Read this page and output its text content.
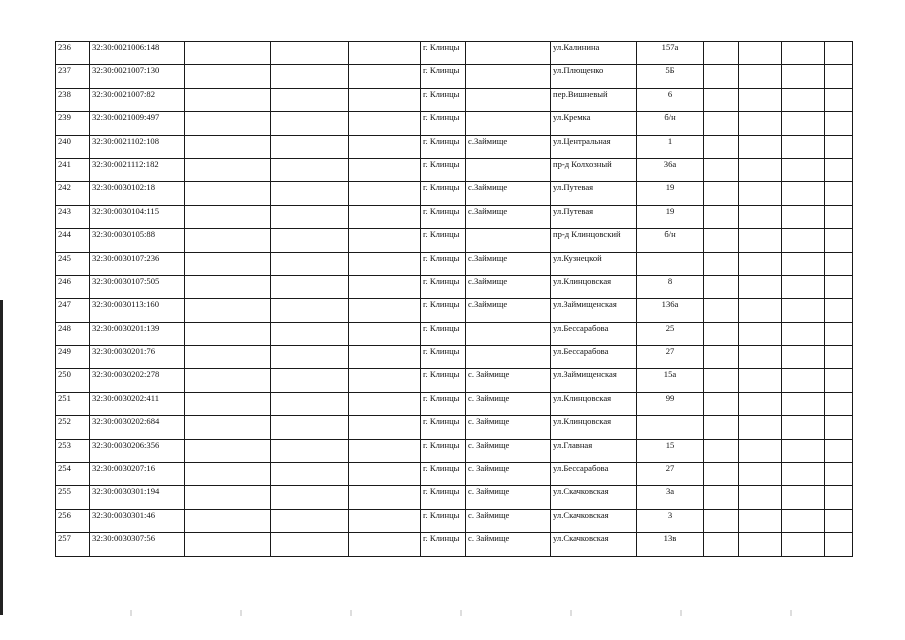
236	32:30:0021006:148				г. Клинцы		ул.Калинина	157а				
237	32:30:0021007:130				г. Клинцы		ул.Плющенко	5Б				
238	32:30:0021007:82				г. Клинцы		пер.Вишневый	6				
239	32:30:0021009:497				г. Клинцы		ул.Кремка	б/н				
240	32:30:0021102:108				г. Клинцы	с.Займище	ул.Центральная	1				
241	32:30:0021112:182				г. Клинцы		пр-д Колхозный	36а				
242	32:30:0030102:18				г. Клинцы	с.Займище	ул.Путевая	19				
243	32:30:0030104:115				г. Клинцы	с.Займище	ул.Путевая	19				
244	32:30:0030105:88				г. Клинцы		пр-д Клинцовский	б/н				
245	32:30:0030107:236				г. Клинцы	с.Займище	ул.Кузнецкой					
246	32:30:0030107:505				г. Клинцы	с.Займище	ул.Клинцовская	8				
247	32:30:0030113:160				г. Клинцы	с.Займище	ул.Займищенская	136а				
248	32:30:0030201:139				г. Клинцы		ул.Бессарабова	25				
249	32:30:0030201:76				г. Клинцы		ул.Бессарабова	27				
250	32:30:0030202:278				г. Клинцы	с. Займище	ул.Займищенская	15а				
251	32:30:0030202:411				г. Клинцы	с. Займище	ул.Клинцовская	99				
252	32:30:0030202:684				г. Клинцы	с. Займище	ул.Клинцовская					
253	32:30:0030206:356				г. Клинцы	с. Займище	ул.Главная	15				
254	32:30:0030207:16				г. Клинцы	с. Займище	ул.Бессарабова	27				
255	32:30:0030301:194				г. Клинцы	с. Займище	ул.Скачковская	3а				
256	32:30:0030301:46				г. Клинцы	с. Займище	ул.Скачковская	3				
257	32:30:0030307:56				г. Клинцы	с. Займище	ул.Скачковская	13в				
